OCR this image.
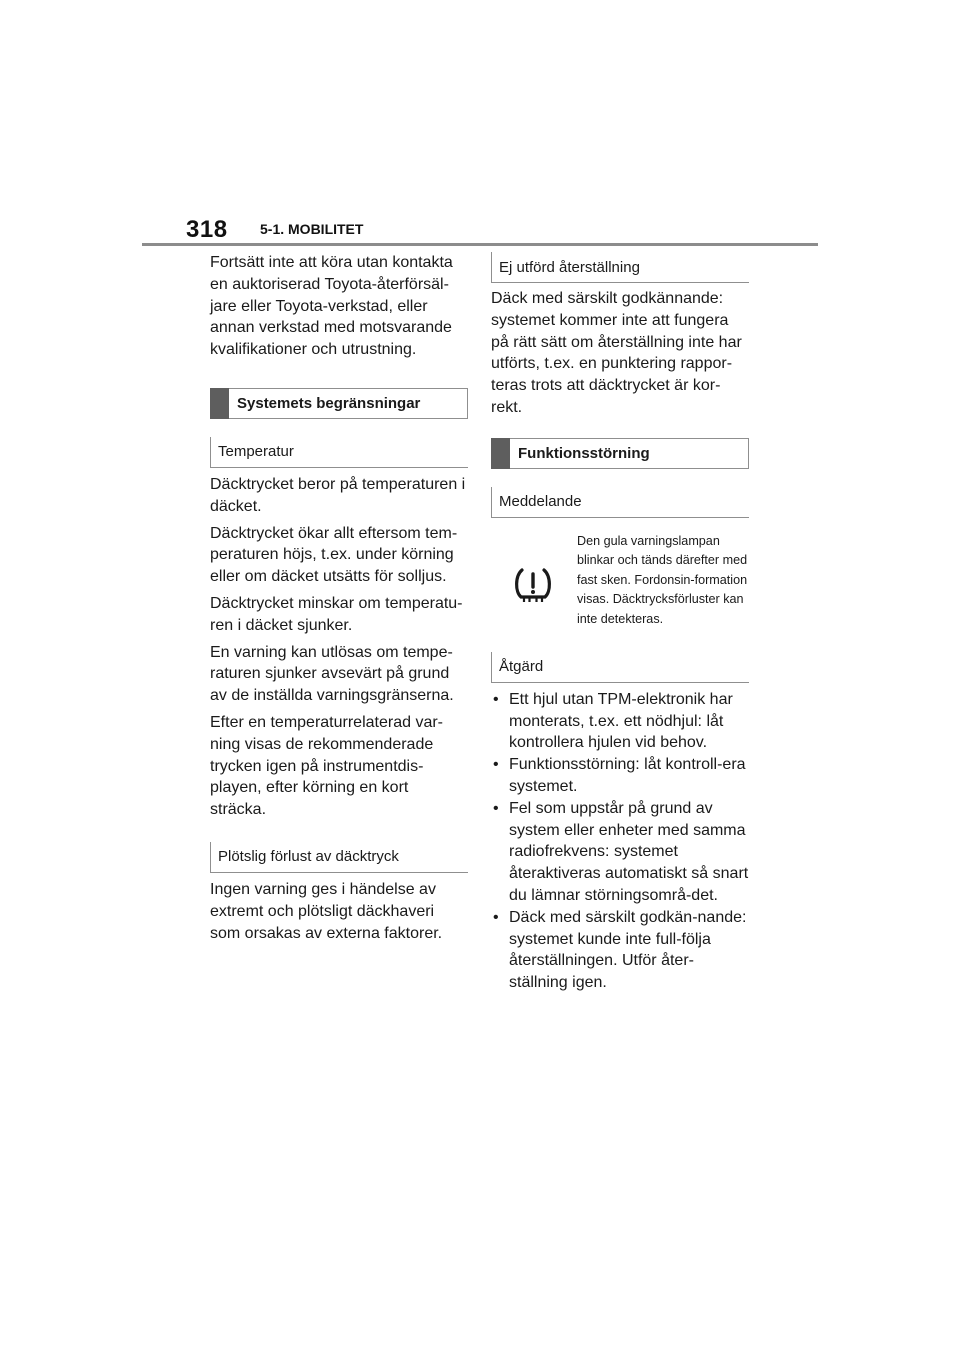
318 5-1. MOBILITET

Fortsätt inte att köra utan kontakta en auktoriserad Toyota-återförsäl-jare eller Toyota-verkstad, eller annan verkstad med motsvarande kvalifikationer och utrustning.

Systemets begränsningar
Temperatur

Däcktrycket beror på temperaturen i däcket.

Däcktrycket ökar allt eftersom tem-peraturen höjs, t.ex. under körning eller om däcket utsätts för solljus.

Däcktrycket minskar om temperatu-ren i däcket sjunker.

En varning kan utlösas om tempe-raturen sjunker avsevärt på grund av de inställda varningsgränserna.

Efter en temperaturrelaterad var-ning visas de rekommenderade trycken igen på instrumentdis-playen, efter körning en kort sträcka.

Plötslig förlust av däcktryck

Ingen varning ges i händelse av extremt och plötsligt däckhaveri som orsakas av externa faktorer.

Ej utförd återställning

Däck med särskilt godkännande: systemet kommer inte att fungera på rätt sätt om återställning inte har utförts, t.ex. en punktering rappor-teras trots att däcktrycket är kor-rekt.

Funktionsstörning
Meddelande

Den gula varningslampan blinkar och tänds därefter med fast sken. Fordonsin-formation visas. Däcktrycksförluster kan inte detekteras.

Åtgärd
• Ett hjul utan TPM-elektronik har monterats, t.ex. ett nödhjul: låt kontrollera hjulen vid behov.
• Funktionsstörning: låt kontroll-era systemet.
• Fel som uppstår på grund av system eller enheter med samma radiofrekvens: systemet återaktiveras automatiskt så snart du lämnar störningsområ-det.
• Däck med särskilt godkän-nande: systemet kunde inte full-följa återställningen. Utför åter-ställning igen.
